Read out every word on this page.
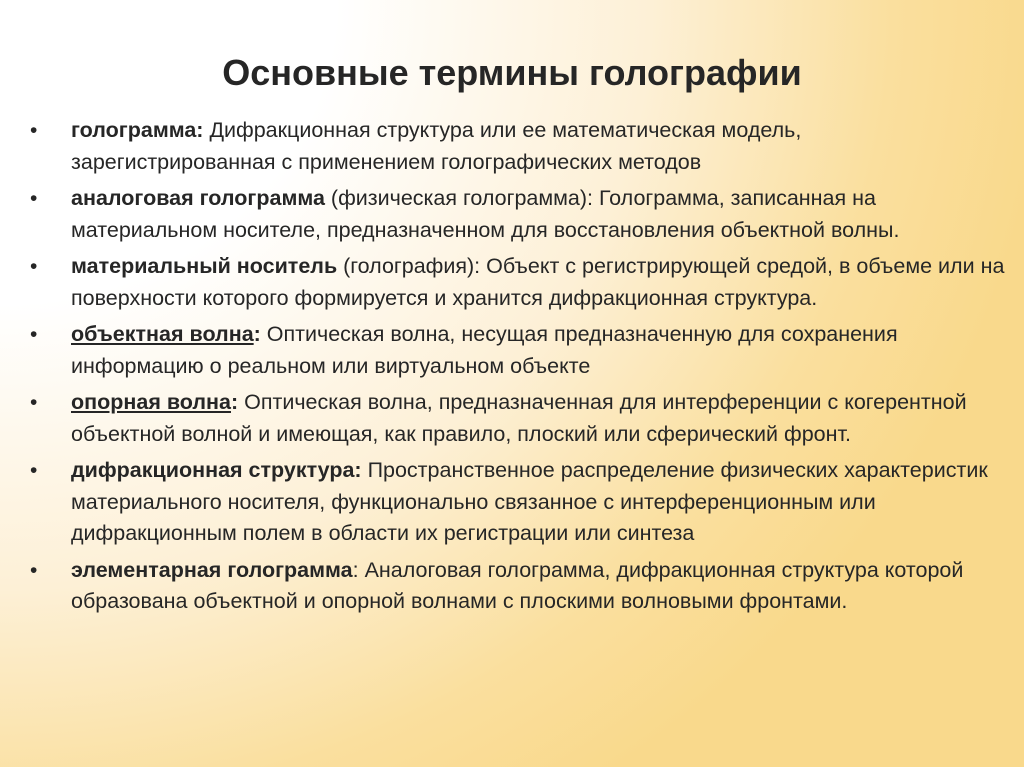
Основные термины голографии
•	голограмма: Дифракционная структура или ее математическая модель, зарегистрированная с применением голографических методов
•	аналоговая голограмма (физическая голограмма): Голограмма, записанная на материальном носителе, предназначенном для восстановления объектной волны.
•	материальный носитель (голография): Объект с регистрирующей средой, в объеме или на поверхности которого формируется и хранится дифракционная структура.
•	объектная волна: Оптическая волна, несущая предназначенную для сохранения информацию о реальном или виртуальном объекте
•	опорная волна: Оптическая волна, предназначенная для интерференции с когерентной объектной волной и имеющая, как правило, плоский или сферический фронт.
•	дифракционная структура: Пространственное распределение физических характеристик материального носителя, функционально связанное с интерференционным или дифракционным полем в области их регистрации или синтеза
•	элементарная голограмма: Аналоговая голограмма, дифракционная структура которой образована объектной и опорной волнами с плоскими волновыми фронтами.
